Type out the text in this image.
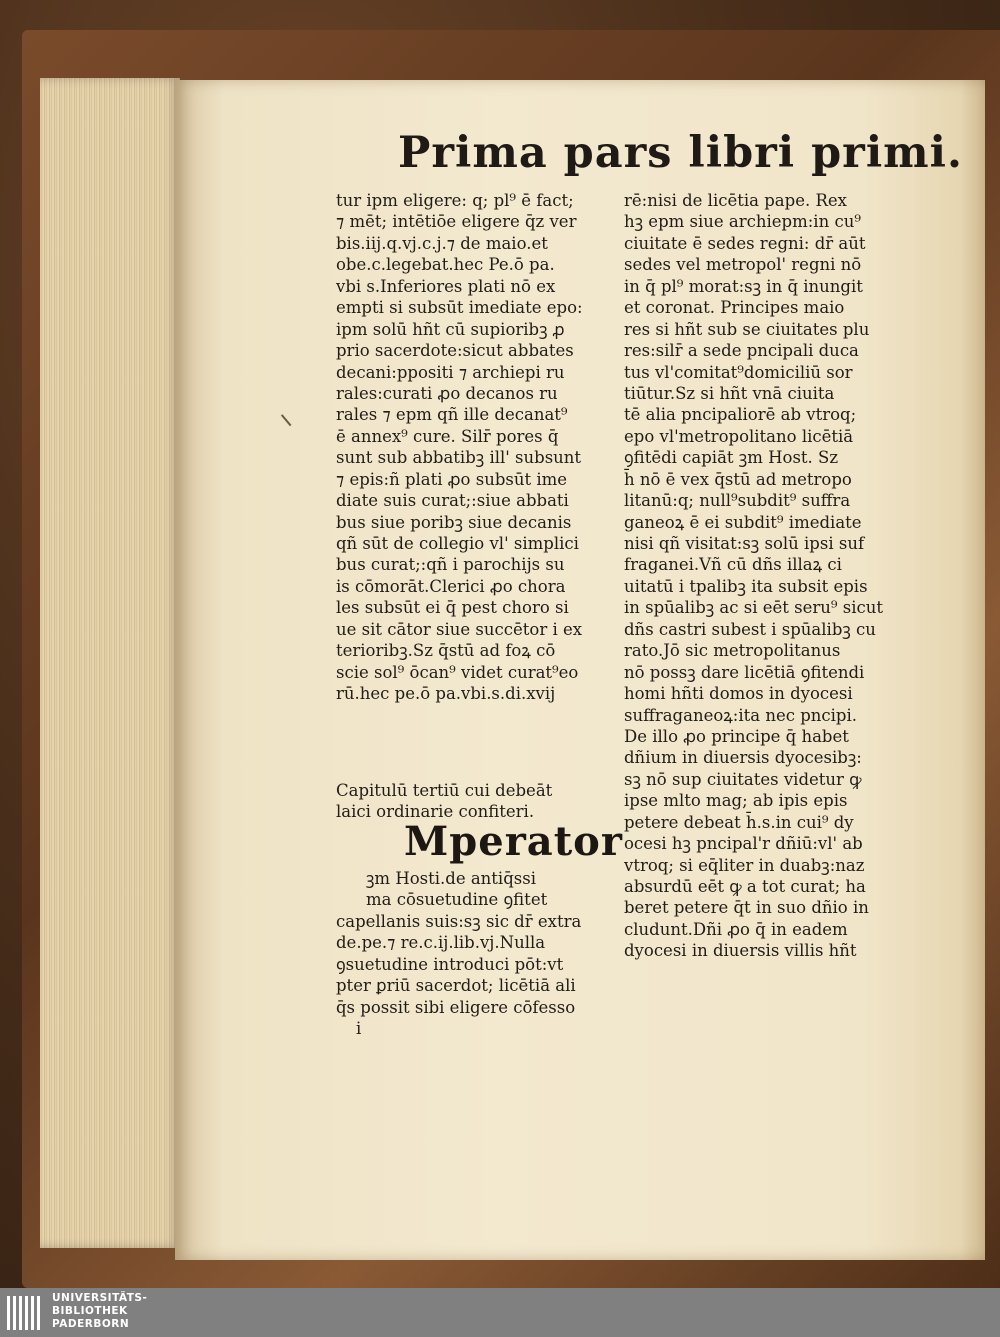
Prima pars libri primi.
tur ipm eligere: q; pl⁹ ē fact;
⁊ mēt; intētiōe eligere q̄z ver
bis.iij.q.vj.c.j.⁊ de maio.et
obe.c.legebat.hec Pe.ō pa.
vbi s.Inferiores plati nō ex
empti si subsūt imediate epo:
ipm solū hñt cū supioribꝫ ꝓ
prio sacerdote:sicut abbates
decani:ppositi ⁊ archiepi ru
rales:curati ꝓo decanos ru
rales ⁊ epm qñ ille decanat⁹
ē annex⁹ cure. Silr̄ pores q̄
sunt sub abbatibꝫ ill' subsunt
⁊ epis:ñ plati ꝓo subsūt ime
diate suis curat;:siue abbati
bus siue poribꝫ siue decanis
qñ sūt de collegio vl' simplici
bus curat;:qñ i parochijs su
is cōmorāt.Clerici ꝓo chora
les subsūt ei q̄ pest choro si
ue sit cātor siue succētor i ex
terioribꝫ.Sz q̄stū ad foꝝ cō
scie sol⁹ ōcan⁹ videt curat⁹eo
rū.hec pe.ō pa.vbi.s.di.xvij
Capitulū tertiū cui debeāt
laici ordinarie confiteri.
Mperator
ꝫm Hosti.de antiq̄ssi
ma cōsuetudine ꝯfitet
capellanis suis:sꝫ sic dr̄ extra
de.pe.⁊ re.c.ij.lib.vj.Nulla
ꝯsuetudine introduci pōt:vt
pter ꝑriū sacerdot; licētiā ali
q̄s possit sibi eligere cōfesso
i
rē:nisi de licētia pape. Rex
hꝫ epm siue archiepm:in cu⁹
ciuitate ē sedes regni: dr̄ aūt
sedes vel metropol' regni nō
in q̄ pl⁹ morat:sꝫ in q̄ inungit
et coronat. Principes maio
res si hñt sub se ciuitates plu
res:silr̄ a sede pncipali duca
tus vl'comitat⁹domiciliū sor
tiūtur.Sz si hñt vnā ciuita
tē alia pncipaliorē ab vtroq;
epo vl'metropolitano licētiā
ꝯfitēdi capiāt ꝫm Host. Sz
h̄ nō ē vex q̄stū ad metropo
litanū:q; null⁹subdit⁹ suffra
ganeoꝝ ē ei subdit⁹ imediate
nisi qñ visitat:sꝫ solū ipsi suf
fraganei.Vñ cū dñs illaꝝ ci
uitatū i tpalibꝫ ita subsit epis
in spūalibꝫ ac si eēt seru⁹ sicut
dñs castri subest i spūalibꝫ cu
rato.Jō sic metropolitanus
nō possꝫ dare licētiā ꝯfitendi
homi hñti domos in dyocesi
suffraganeoꝝ:ita nec pncipi.
De illo ꝓo principe q̄ habet
dñium in diuersis dyocesibꝫ:
sꝫ nō sup ciuitates videtur ꝙ
ipse mlto mag; ab ipis epis
petere debeat h̄.s.in cui⁹ dy
ocesi hꝫ pncipal'r dñiū:vl' ab
vtroq; si eq̄liter in duabꝫ:naz
absurdū eēt ꝙ a tot curat; ha
beret petere q̄t in suo dñio in
cludunt.Dñi ꝓo q̄ in eadem
dyocesi in diuersis villis hñt
UNIVERSITÄTS-
BIBLIOTHEK
PADERBORN
